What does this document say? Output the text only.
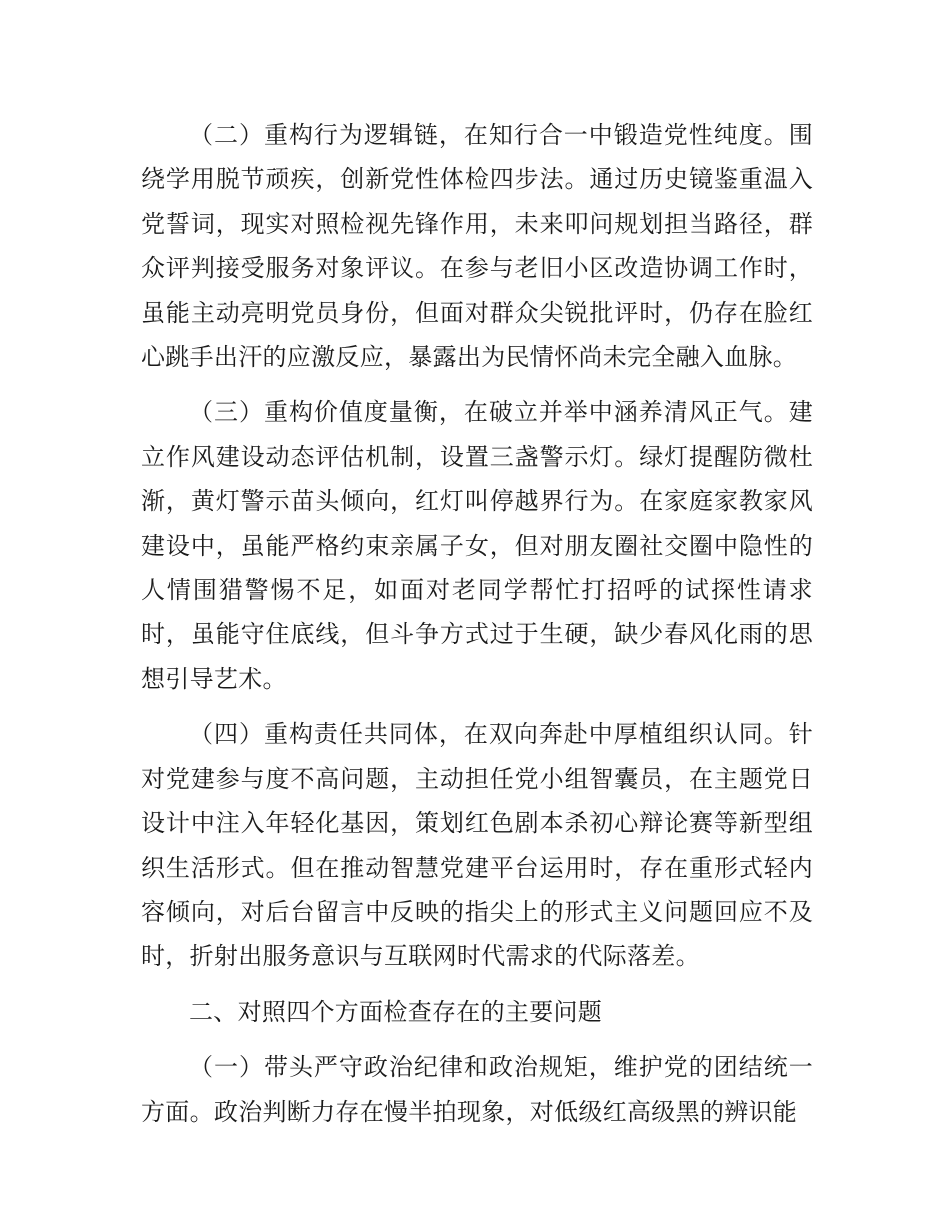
（二）重构行为逻辑链，在知行合一中锻造党性纯度。围绕学用脱节顽疾，创新党性体检四步法。通过历史镜鉴重温入党誓词，现实对照检视先锋作用，未来叩问规划担当路径，群众评判接受服务对象评议。在参与老旧小区改造协调工作时，虽能主动亮明党员身份，但面对群众尖锐批评时，仍存在脸红心跳手出汗的应激反应，暴露出为民情怀尚未完全融入血脉。

（三）重构价值度量衡，在破立并举中涵养清风正气。建立作风建设动态评估机制，设置三盏警示灯。绿灯提醒防微杜渐，黄灯警示苗头倾向，红灯叫停越界行为。在家庭家教家风建设中，虽能严格约束亲属子女，但对朋友圈社交圈中隐性的人情围猎警惕不足，如面对老同学帮忙打招呼的试探性请求时，虽能守住底线，但斗争方式过于生硬，缺少春风化雨的思想引导艺术。

（四）重构责任共同体，在双向奔赴中厚植组织认同。针对党建参与度不高问题，主动担任党小组智囊员，在主题党日设计中注入年轻化基因，策划红色剧本杀初心辩论赛等新型组织生活形式。但在推动智慧党建平台运用时，存在重形式轻内容倾向，对后台留言中反映的指尖上的形式主义问题回应不及时，折射出服务意识与互联网时代需求的代际落差。

二、对照四个方面检查存在的主要问题

（一）带头严守政治纪律和政治规矩，维护党的团结统一方面。政治判断力存在慢半拍现象，对低级红高级黑的辨识能
